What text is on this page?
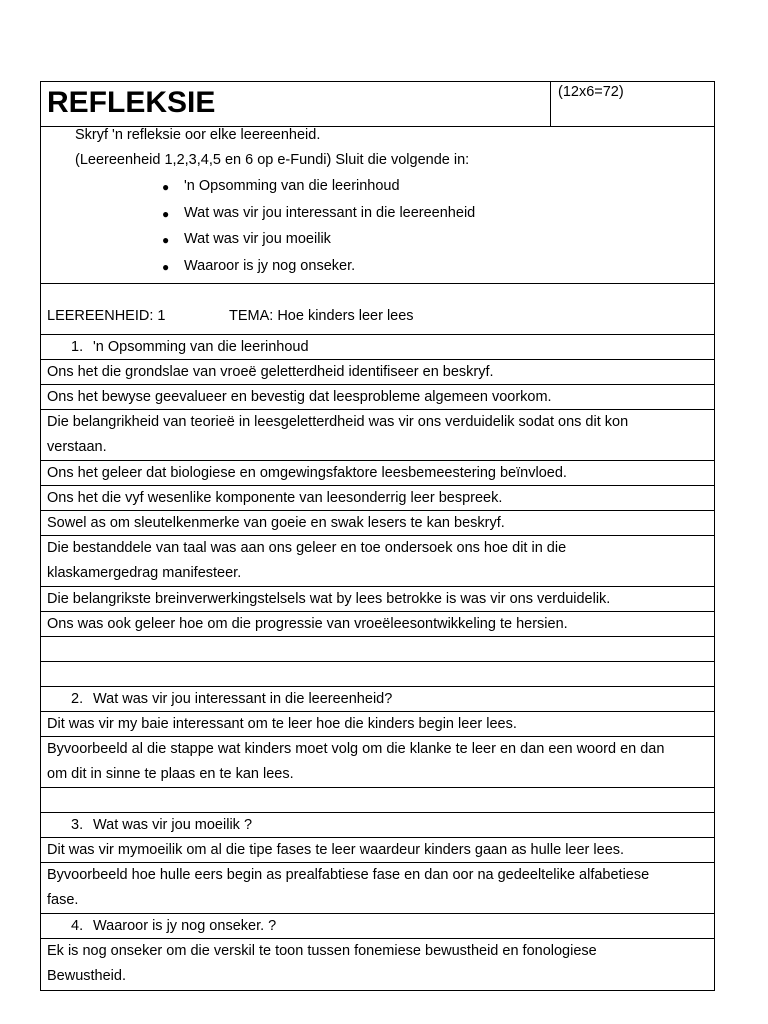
REFLEKSIE	(12x6=72)
Skryf 'n refleksie oor elke leereenheid.
(Leereenheid 1,2,3,4,5 en 6 op e-Fundi) Sluit die volgende in:
● 'n Opsomming van die leerinhoud
● Wat was vir jou interessant in die leereenheid
● Wat was vir jou moeilik
● Waaroor is jy nog onseker.
LEEREENHEID: 1	TEMA: Hoe kinders leer lees
1. 'n Opsomming van die leerinhoud
Ons het die grondslae van vroeë geletterdheid identifiseer en beskryf.
Ons het bewyse geevalueer en bevestig dat leesprobleme algemeen voorkom.
Die belangrikheid van teorieë in leesgeletterdheid was vir ons verduidelik sodat ons dit kon
verstaan.
Ons het geleer dat biologiese en omgewingsfaktore leesbemeestering beïnvloed.
Ons het die vyf wesenlike komponente van leesonderrig leer bespreek.
Sowel as om sleutelkenmerke van goeie en swak lesers te kan beskryf.
Die bestanddele van taal was aan ons geleer en toe ondersoek ons hoe dit in die
klaskamergedrag manifesteer.
Die belangrikste breinverwerkingstelsels wat by lees betrokke is was vir ons verduidelik.
Ons was ook geleer hoe om die progressie van vroeëleesontwikkeling te hersien.
2. Wat was vir jou interessant in die leereenheid?
Dit was vir my baie interessant om te leer hoe die kinders begin leer lees.
Byvoorbeeld al die stappe wat kinders moet volg om die klanke te leer en dan een woord en dan
om dit in sinne te plaas en te kan lees.
3. Wat was vir jou moeilik ?
Dit was vir mymoeilik om al die tipe fases te leer waardeur kinders gaan as hulle leer lees.
Byvoorbeeld hoe hulle eers begin as prealfabtiese fase en dan oor na gedeeltelike alfabetiese
fase.
4. Waaroor is jy nog onseker. ?
Ek is nog onseker om die verskil te toon tussen fonemiese bewustheid en fonologiese
Bewustheid.
